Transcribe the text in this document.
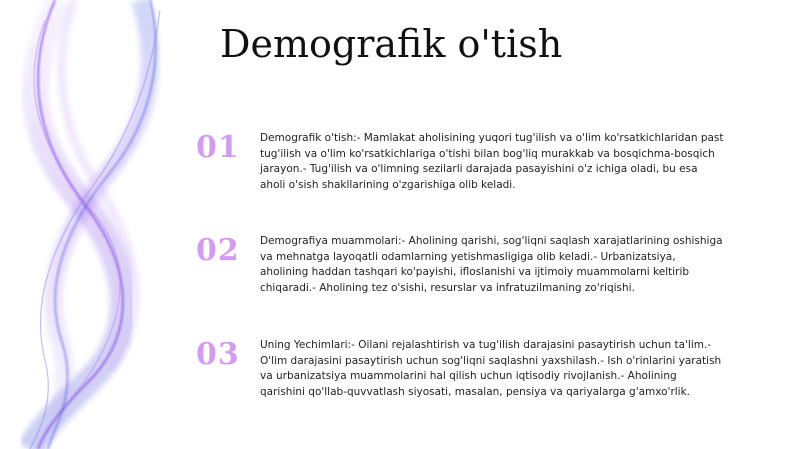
Demografik o'tish
01	Demografik o'tish:- Mamlakat aholisining yuqori tug'ilish va o'lim ko'rsatkichlaridan past tug'ilish va o'lim ko'rsatkichlariga o'tishi bilan bog'liq murakkab va bosqichma-bosqich jarayon.- Tug'ilish va o'limning sezilarli darajada pasayishini o'z ichiga oladi, bu esa aholi o'sish shakllarining o'zgarishiga olib keladi.

02	Demografiya muammolari:- Aholining qarishi, sog'liqni saqlash xarajatlarining oshishiga va mehnatga layoqatli odamlarning yetishmasligiga olib keladi.- Urbanizatsiya, aholining haddan tashqari ko'payishi, ifloslanishi va ijtimoiy muammolarni keltirib chiqaradi.- Aholining tez o'sishi, resurslar va infratuzilmaning zo'riqishi.

03	Uning Yechimlari:- Oilani rejalashtirish va tug'ilish darajasini pasaytirish uchun ta'lim.- O'lim darajasini pasaytirish uchun sog'liqni saqlashni yaxshilash.- Ish o'rinlarini yaratish va urbanizatsiya muammolarini hal qilish uchun iqtisodiy rivojlanish.- Aholining qarishini qo'llab-quvvatlash siyosati, masalan, pensiya va qariyalarga g'amxo'rlik.
